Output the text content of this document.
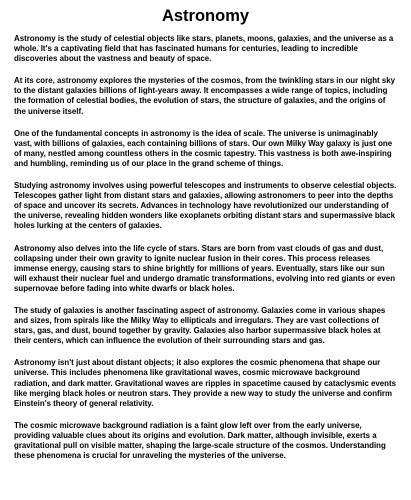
Astronomy

Astronomy is the study of celestial objects like stars, planets, moons, galaxies, and the universe as a whole. It's a captivating field that has fascinated humans for centuries, leading to incredible discoveries about the vastness and beauty of space.

At its core, astronomy explores the mysteries of the cosmos, from the twinkling stars in our night sky to the distant galaxies billions of light-years away. It encompasses a wide range of topics, including the formation of celestial bodies, the evolution of stars, the structure of galaxies, and the origins of the universe itself.

One of the fundamental concepts in astronomy is the idea of scale. The universe is unimaginably vast, with billions of galaxies, each containing billions of stars. Our own Milky Way galaxy is just one of many, nestled among countless others in the cosmic tapestry. This vastness is both awe-inspiring and humbling, reminding us of our place in the grand scheme of things.

Studying astronomy involves using powerful telescopes and instruments to observe celestial objects. Telescopes gather light from distant stars and galaxies, allowing astronomers to peer into the depths of space and uncover its secrets. Advances in technology have revolutionized our understanding of the universe, revealing hidden wonders like exoplanets orbiting distant stars and supermassive black holes lurking at the centers of galaxies.

Astronomy also delves into the life cycle of stars. Stars are born from vast clouds of gas and dust, collapsing under their own gravity to ignite nuclear fusion in their cores. This process releases immense energy, causing stars to shine brightly for millions of years. Eventually, stars like our sun will exhaust their nuclear fuel and undergo dramatic transformations, evolving into red giants or even supernovae before fading into white dwarfs or black holes.

The study of galaxies is another fascinating aspect of astronomy. Galaxies come in various shapes and sizes, from spirals like the Milky Way to ellipticals and irregulars. They are vast collections of stars, gas, and dust, bound together by gravity. Galaxies also harbor supermassive black holes at their centers, which can influence the evolution of their surrounding stars and gas.

Astronomy isn't just about distant objects; it also explores the cosmic phenomena that shape our universe. This includes phenomena like gravitational waves, cosmic microwave background radiation, and dark matter. Gravitational waves are ripples in spacetime caused by cataclysmic events like merging black holes or neutron stars. They provide a new way to study the universe and confirm Einstein's theory of general relativity.

The cosmic microwave background radiation is a faint glow left over from the early universe, providing valuable clues about its origins and evolution. Dark matter, although invisible, exerts a gravitational pull on visible matter, shaping the large-scale structure of the cosmos. Understanding these phenomena is crucial for unraveling the mysteries of the universe.
